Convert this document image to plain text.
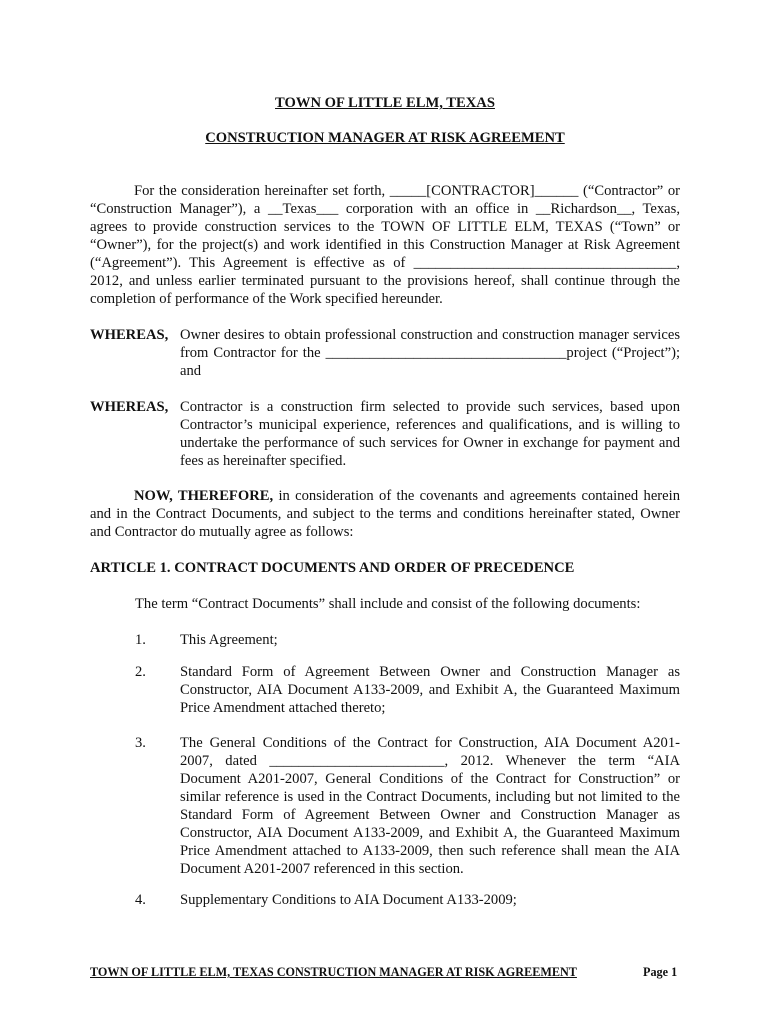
TOWN OF LITTLE ELM, TEXAS
CONSTRUCTION MANAGER AT RISK AGREEMENT

For the consideration hereinafter set forth, _____[CONTRACTOR]______ (“Contractor” or “Construction Manager”), a __Texas___ corporation with an office in __Richardson__, Texas, agrees to provide construction services to the TOWN OF LITTLE ELM, TEXAS (“Town” or “Owner”), for the project(s) and work identified in this Construction Manager at Risk Agreement (“Agreement”). This Agreement is effective as of ____________________________________, 2012, and unless earlier terminated pursuant to the provisions hereof, shall continue through the completion of performance of the Work specified hereunder.

WHEREAS, Owner desires to obtain professional construction and construction manager services from Contractor for the _________________________________project (“Project”); and

WHEREAS, Contractor is a construction firm selected to provide such services, based upon Contractor’s municipal experience, references and qualifications, and is willing to undertake the performance of such services for Owner in exchange for payment and fees as hereinafter specified.

NOW, THEREFORE, in consideration of the covenants and agreements contained herein and in the Contract Documents, and subject to the terms and conditions hereinafter stated, Owner and Contractor do mutually agree as follows:

ARTICLE 1. CONTRACT DOCUMENTS AND ORDER OF PRECEDENCE

The term “Contract Documents” shall include and consist of the following documents:

1. This Agreement;

2. Standard Form of Agreement Between Owner and Construction Manager as Constructor, AIA Document A133-2009, and Exhibit A, the Guaranteed Maximum Price Amendment attached thereto;

3. The General Conditions of the Contract for Construction, AIA Document A201-2007, dated ________________________, 2012. Whenever the term “AIA Document A201-2007, General Conditions of the Contract for Construction” or similar reference is used in the Contract Documents, including but not limited to the Standard Form of Agreement Between Owner and Construction Manager as Constructor, AIA Document A133-2009, and Exhibit A, the Guaranteed Maximum Price Amendment attached to A133-2009, then such reference shall mean the AIA Document A201-2007 referenced in this section.

4. Supplementary Conditions to AIA Document A133-2009;

TOWN OF LITTLE ELM, TEXAS CONSTRUCTION MANAGER AT RISK AGREEMENT	Page 1
